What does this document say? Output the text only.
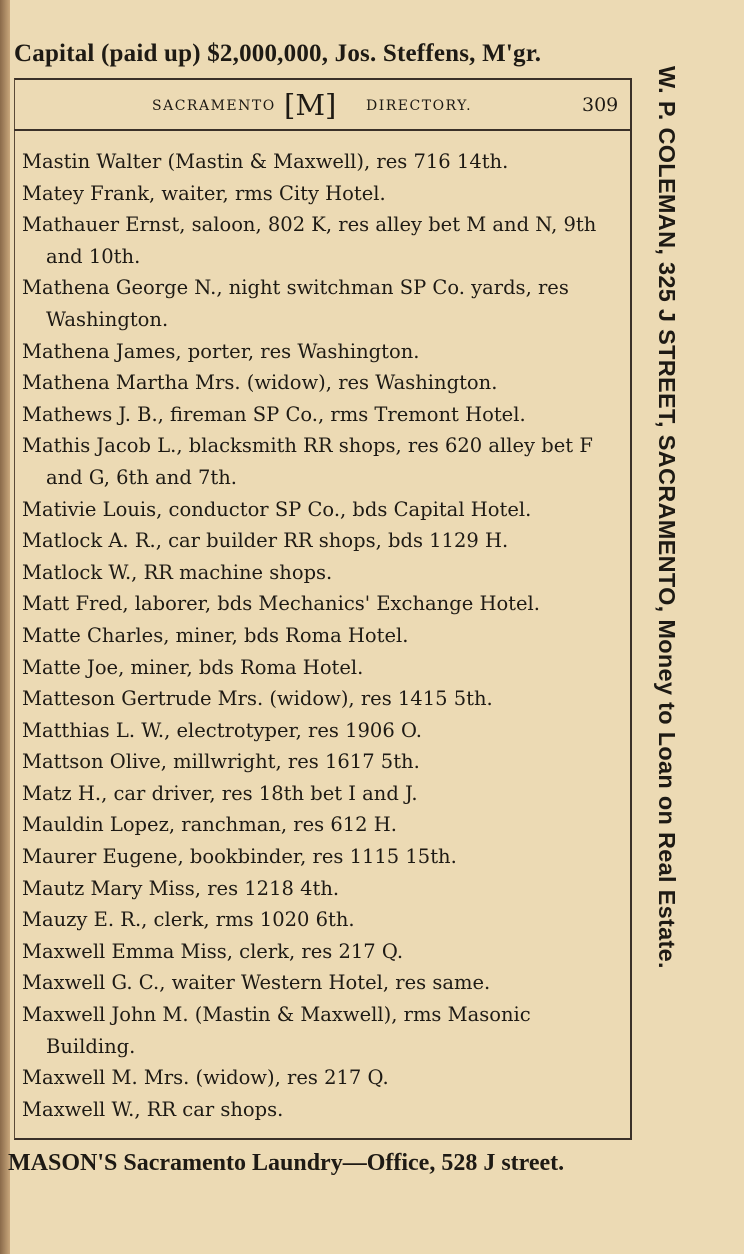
Capital (paid up) $2,000,000, Jos. Steffens, M'gr.
W. P. COLEMAN, 325 J STREET, SACRAMENTO, Money to Loan on Real Estate.
SACRAMENTO [M] DIRECTORY.	309
Mastin Walter (Mastin & Maxwell), res 716 14th.
Matey Frank, waiter, rms City Hotel.
Mathauer Ernst, saloon, 802 K, res alley bet M and N, 9th and 10th.
Mathena George N., night switchman SP Co. yards, res Washington.
Mathena James, porter, res Washington.
Mathena Martha Mrs. (widow), res Washington.
Mathews J. B., fireman SP Co., rms Tremont Hotel.
Mathis Jacob L., blacksmith RR shops, res 620 alley bet F and G, 6th and 7th.
Mativie Louis, conductor SP Co., bds Capital Hotel.
Matlock A. R., car builder RR shops, bds 1129 H.
Matlock W., RR machine shops.
Matt Fred, laborer, bds Mechanics' Exchange Hotel.
Matte Charles, miner, bds Roma Hotel.
Matte Joe, miner, bds Roma Hotel.
Matteson Gertrude Mrs. (widow), res 1415 5th.
Matthias L. W., electrotyper, res 1906 O.
Mattson Olive, millwright, res 1617 5th.
Matz H., car driver, res 18th bet I and J.
Mauldin Lopez, ranchman, res 612 H.
Maurer Eugene, bookbinder, res 1115 15th.
Mautz Mary Miss, res 1218 4th.
Mauzy E. R., clerk, rms 1020 6th.
Maxwell Emma Miss, clerk, res 217 Q.
Maxwell G. C., waiter Western Hotel, res same.
Maxwell John M. (Mastin & Maxwell), rms Masonic Building.
Maxwell M. Mrs. (widow), res 217 Q.
Maxwell W., RR car shops.
MASON'S Sacramento Laundry—Office, 528 J street.
